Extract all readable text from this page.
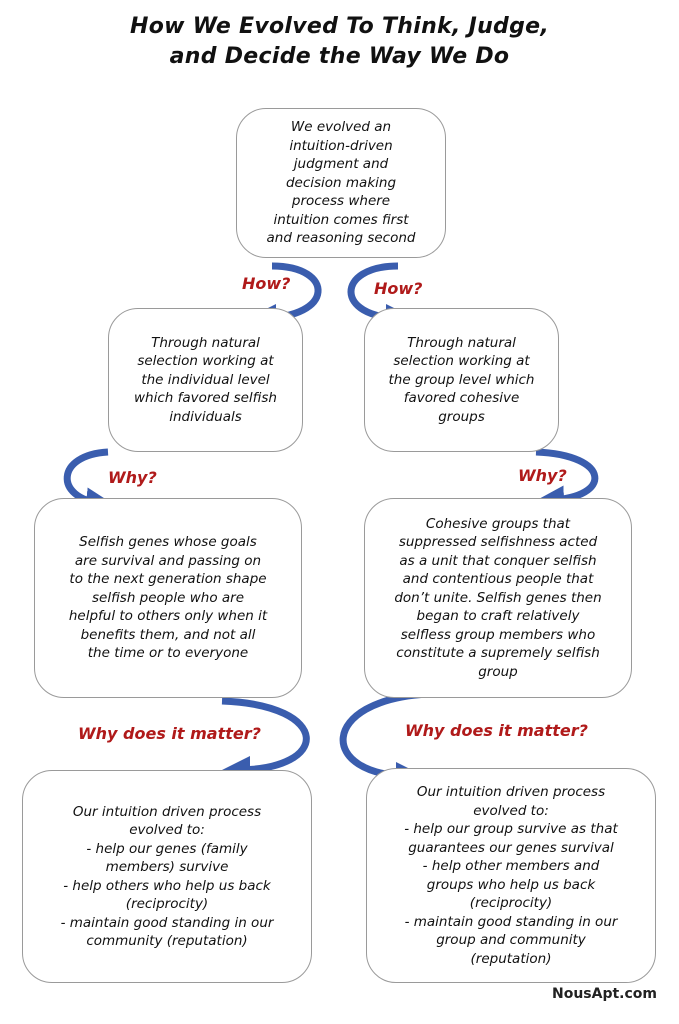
How We Evolved To Think, Judge,
and Decide the Way We Do
We evolved an intuition-driven judgment and decision making process where intuition comes first and reasoning second
How?	How?
Through natural selection working at the individual level which favored selfish individuals
Through natural selection working at the group level which favored cohesive groups
Why?	Why?
Selfish genes whose goals are survival and passing on to the next generation shape selfish people who are helpful to others only when it benefits them, and not all the time or to everyone
Cohesive groups that suppressed selfishness acted as a unit that conquer selfish and contentious people that don’t unite. Selfish genes then began to craft relatively selfless group members who constitute a supremely selfish group
Why does it matter?	Why does it matter?
Our intuition driven process evolved to:
- help our genes (family members) survive
- help others who help us back (reciprocity)
- maintain good standing in our community (reputation)
Our intuition driven process evolved to:
- help our group survive as that guarantees our genes survival
- help other members and groups who help us back (reciprocity)
- maintain good standing in our group and community (reputation)
NousApt.com
